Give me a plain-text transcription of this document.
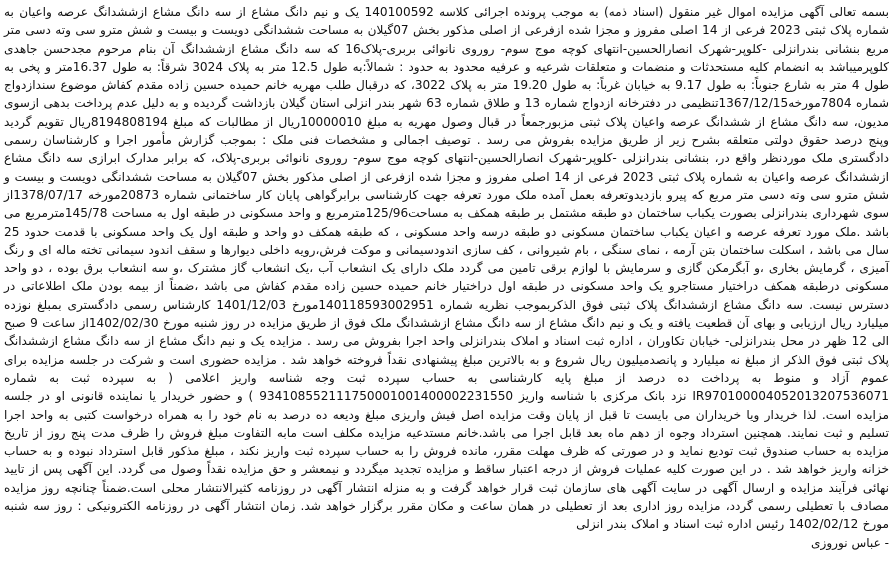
بسمه تعالی آگهی مزایده اموال غیر منقول (اسناد ذمه) به موجب پرونده اجرائی کلاسه 140100592 یک و نیم دانگ مشاع از سه دانگ مشاع ازششدانگ عرصه واعیان به شماره پلاک ثبتی 2023 فرعی از 14 اصلی مفروز و مجزا شده ازفرعی از اصلی مذکور بخش 07گیلان به مساحت ششدانگی دویست و بیست و شش مترو سی وته دسی متر مربع بنشانی بندرانزلی -کلوپر-شهرک انصارالحسین-انتهای کوچه موج سوم- روروی نانوائی بربری-پلاک16 که سه دانگ مشاع ازششدانگ آن بنام مرحوم مجدحسن جاهدی کلوپرمیباشد به انضمام کلیه مستحدثات و منضمات و متعلقات شرعیه و عرفیه محدود به حدود : شمالاً:به طول 12.5 متر به پلاک 3024 شرقاً: به طول 16.37متر و پخی به طول 4 متر به شارع جنوباً: به طول 9.17 به خیابان غرباً: به طول 19.20 متر به پلاک 3022، که درقبال طلب مهریه خانم حمیده حسین زاده مقدم کفاش موضوع سندازدواج شماره 7804مورخه1367/12/15تنظیمی در دفترخانه ازدواج شماره 13 و طلاق شماره 63 شهر بندر انزلی استان گیلان بازداشت گردیده و به دلیل عدم پرداخت بدهی ازسوی مدیون، سه دانگ مشاع از ششدانگ عرصه واعیان پلاک ثبتی مزبورجمعاً در قبال وصول مهریه به مبلغ 10000010ریال از مطالبات که مبلغ 8194808194ریال تقویم گردید وپنج درصد حقوق دولتی متعلقه بشرح زیر از طریق مزایده بفروش می رسد . توصیف اجمالی و مشخصات فنی ملک : بموجب گزارش مأمور اجرا و کارشناسان رسمی دادگستری ملک موردنظر واقع در، بنشانی بندرانزلی -کلوپر-شهرک انصارالحسین-انتهای کوچه موج سوم- روروی نانوائی بربری-پلاک، که برابر مدارک ابرازی سه دانگ مشاع ازششدانگ عرصه واعیان به شماره پلاک ثبتی 2023 فرعی از 14 اصلی مفروز و مجزا شده ازفرعی از اصلی مذکور بخش 07گیلان به مساحت ششدانگی دویست و بیست و شش مترو سی وته دسی متر مربع که پیرو بازدیدوتعرفه بعمل آمده ملک مورد تعرفه جهت کارشناسی برابرگواهی پایان کار ساختمانی شماره 20873مورخه 1378/07/17از سوی شهرداری بندرانزلی بصورت یکباب ساختمان دو طبقه مشتمل بر طبقه همکف به مساحت125/96مترمربع و واحد مسکونی در طبقه اول به مساحت 145/78مترمربع می باشد .ملک مورد تعرفه عرصه و اعیان یکباب ساختمان مسکونی دو طبقه درسه واحد مسکونی ، که طبقه همکف دو واحد و طبقه اول یک واحد مسکونی با قدمت حدود 25 سال می باشد ، اسکلت ساختمان بتن آرمه ، نمای سنگی ، بام شیروانی ، کف سازی اندودسیمانی و موکت فرش،رویه داخلی دیوارها و سقف اندود سیمانی تخته ماله ای و رنگ آمیزی ، گرمایش بخاری ،و آبگرمکن گازی و سرمایش با لوازم برقی تامین می گردد ملک دارای یک انشعاب آب ،یک انشعاب گاز مشترک ،و سه انشعاب برق بوده ، دو واحد مسکونی درطبقه همکف دراختیار مستاجرو یک واحد مسکونی در طبقه اول دراختیار خانم حمیده حسین زاده مقدم کفاش می باشد ،ضمناً از بیمه بودن ملک اطلاعاتی در دسترس نیست. سه دانگ مشاع ازششدانگ پلاک ثبتی فوق الذکربموجب نظریه شماره 140118593002951مورخ 1401/12/03 کارشناس رسمی دادگستری بمبلغ نوزده میلیارد ریال ارزیابی و بهای آن قطعیت یافته و یک و نیم دانگ مشاع از سه دانگ مشاع ازششدانگ ملک فوق از طریق مزایده در روز شنبه مورخ 1402/02/30از ساعت 9 صبح الی 12 ظهر در محل بندرانزلی- خیابان تکاوران ، اداره ثبت اسناد و املاک بندرانزلی واحد اجرا بفروش می رسد . مزایده یک و نیم دانگ مشاع از سه دانگ مشاع ازششدانگ پلاک ثبتی فوق الذکر از مبلغ نه میلیارد و پانصدمیلیون ریال شروع و به بالاترین مبلغ پیشنهادی نقداً فروخته خواهد شد . مزایده حضوری است و شرکت در جلسه مزایده برای عموم آزاد و منوط به پرداخت ده درصد از مبلغ پایه کارشناسی به حساب سپرده ثبت وجه شناسه واریز اعلامی ( به سپرده ثبت به شماره IR970100004052013207536071 نزد بانک مرکزی با شناسه واریز 934108552111750001001400002231550 ) و حضور خریدار یا نماینده قانونی او در جلسه مزایده است. لذا خریدار ویا خریداران می بایست تا قبل از پایان وقت مزایده اصل فیش واریزی مبلغ ودیعه ده درصد به نام خود را به همراه درخواست کتبی به واحد اجرا تسلیم و ثبت نمایند. همچنین استرداد وجوه از دهم ماه بعد قابل اجرا می باشد.خانم مستدعیه مزایده مکلف است مابه التفاوت مبلغ فروش را ظرف مدت پنج روز از تاریخ مزایده به حساب صندوق ثبت تودیع نماید و در صورتی که ظرف مهلت مقرر، مانده فروش را به حساب سپرده ثبت واریز نکند ، مبلغ مذکور قابل استرداد نبوده و به حساب خزانه واریز خواهد شد . در این صورت کلیه عملیات فروش از درجه اعتبار ساقط و مزایده تجدید میگردد و نیمعشر و حق مزایده نقداً وصول می گردد. این آگهی پس از تایید نهائی فرآیند مزایده و ارسال آگهی در سایت آگهی های سازمان ثبت قرار خواهد گرفت و به منزله انتشار آگهی در روزنامه کثیرالانتشار محلی است.ضمناً چنانچه روز مزایده مصادف با تعطیلی رسمی گردد، مزایده روز اداری بعد از تعطیلی در همان ساعت و مکان مقرر برگزار خواهد شد. زمان انتشار آگهی در روزنامه الکترونیکی : روز سه شنبه مورخ 1402/02/12 رئیس اداره ثبت اسناد و املاک بندر انزلی

- عباس نوروزی
